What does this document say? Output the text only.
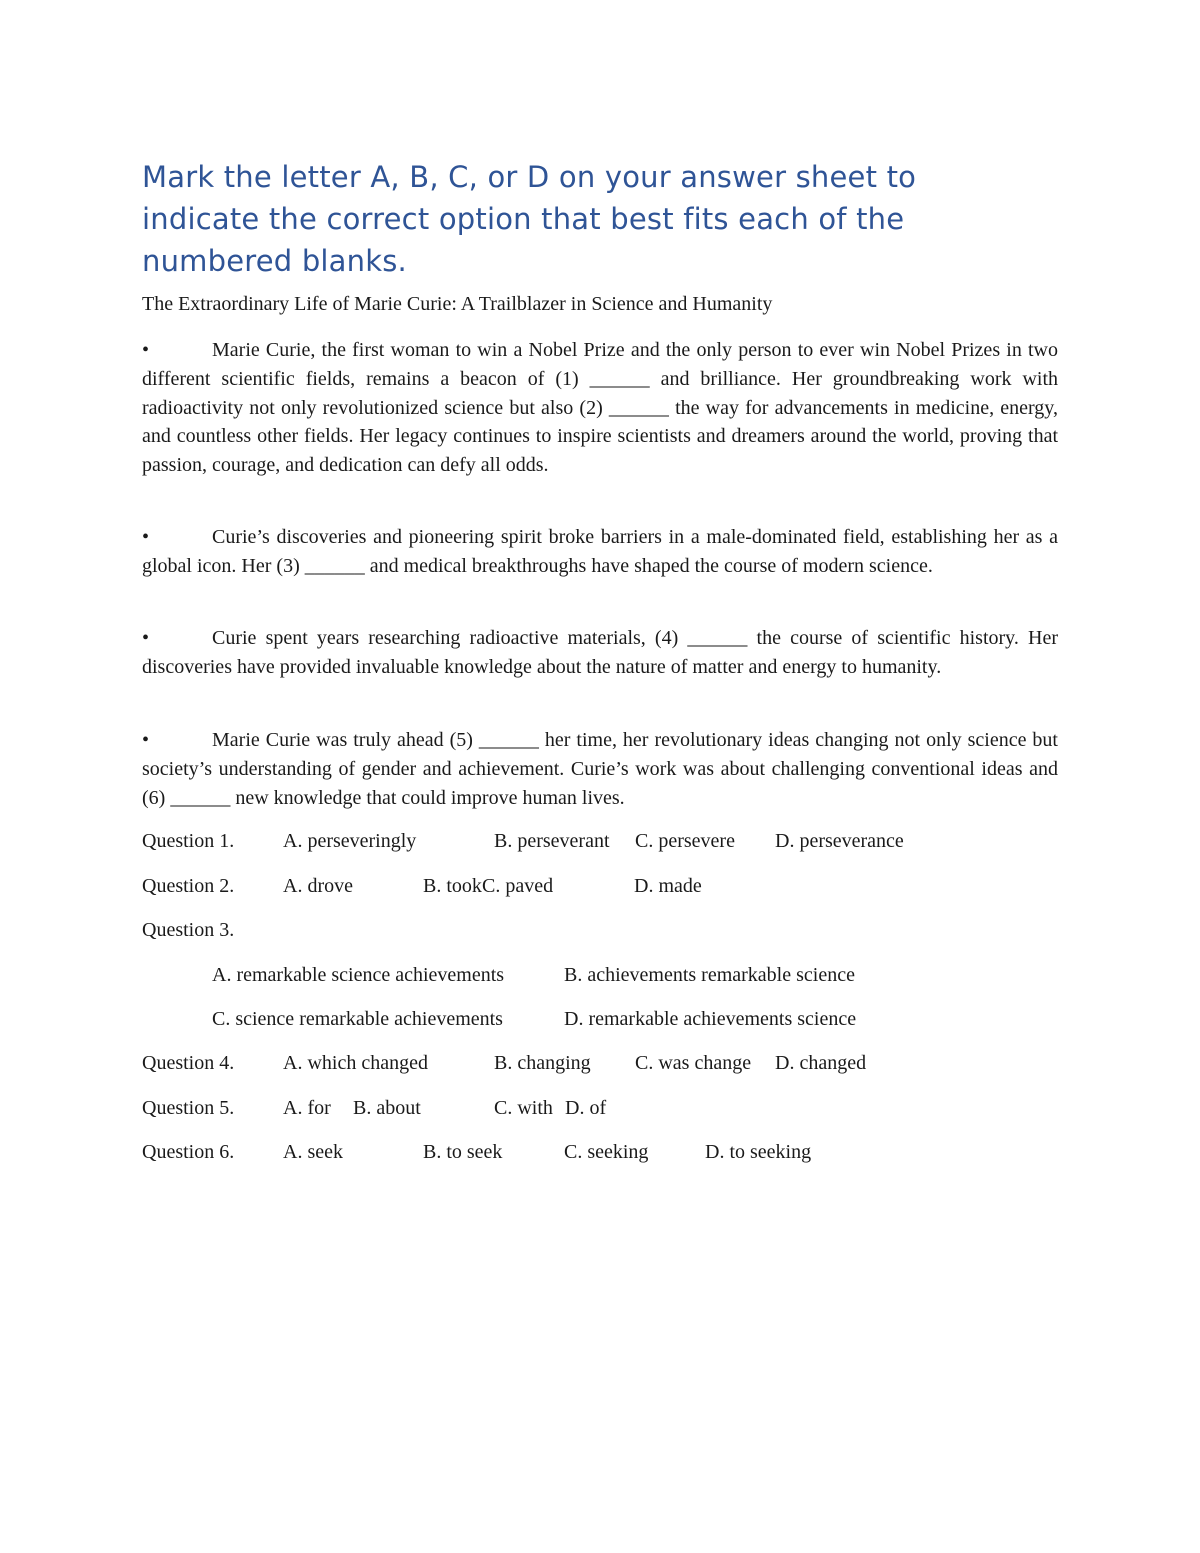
Mark the letter A, B, C, or D on your answer sheet to indicate the correct option that best fits each of the numbered blanks.

The Extraordinary Life of Marie Curie: A Trailblazer in Science and Humanity

•	Marie Curie, the first woman to win a Nobel Prize and the only person to ever win Nobel Prizes in two different scientific fields, remains a beacon of (1) ______ and brilliance. Her groundbreaking work with radioactivity not only revolutionized science but also (2) ______ the way for advancements in medicine, energy, and countless other fields. Her legacy continues to inspire scientists and dreamers around the world, proving that passion, courage, and dedication can defy all odds.

•	Curie’s discoveries and pioneering spirit broke barriers in a male-dominated field, establishing her as a global icon. Her (3) ______ and medical breakthroughs have shaped the course of modern science.

•	Curie spent years researching radioactive materials, (4) ______ the course of scientific history. Her discoveries have provided invaluable knowledge about the nature of matter and energy to humanity.

•	Marie Curie was truly ahead (5) ______ her time, her revolutionary ideas changing not only science but society’s understanding of gender and achievement. Curie’s work was about challenging conventional ideas and (6) ______ new knowledge that could improve human lives.

Question 1. A. perseveringly	B. perseverant C. persevere D. perseverance
Question 2. A. drove	B. took C. paved	D. made
Question 3.
A. remarkable science achievements	B. achievements remarkable science
C. science remarkable achievements	D. remarkable achievements science
Question 4. A. which changed	B. changing C. was change D. changed
Question 5. A. for B. about	C. with D. of
Question 6. A. seek	B. to seek	C. seeking	D. to seeking
